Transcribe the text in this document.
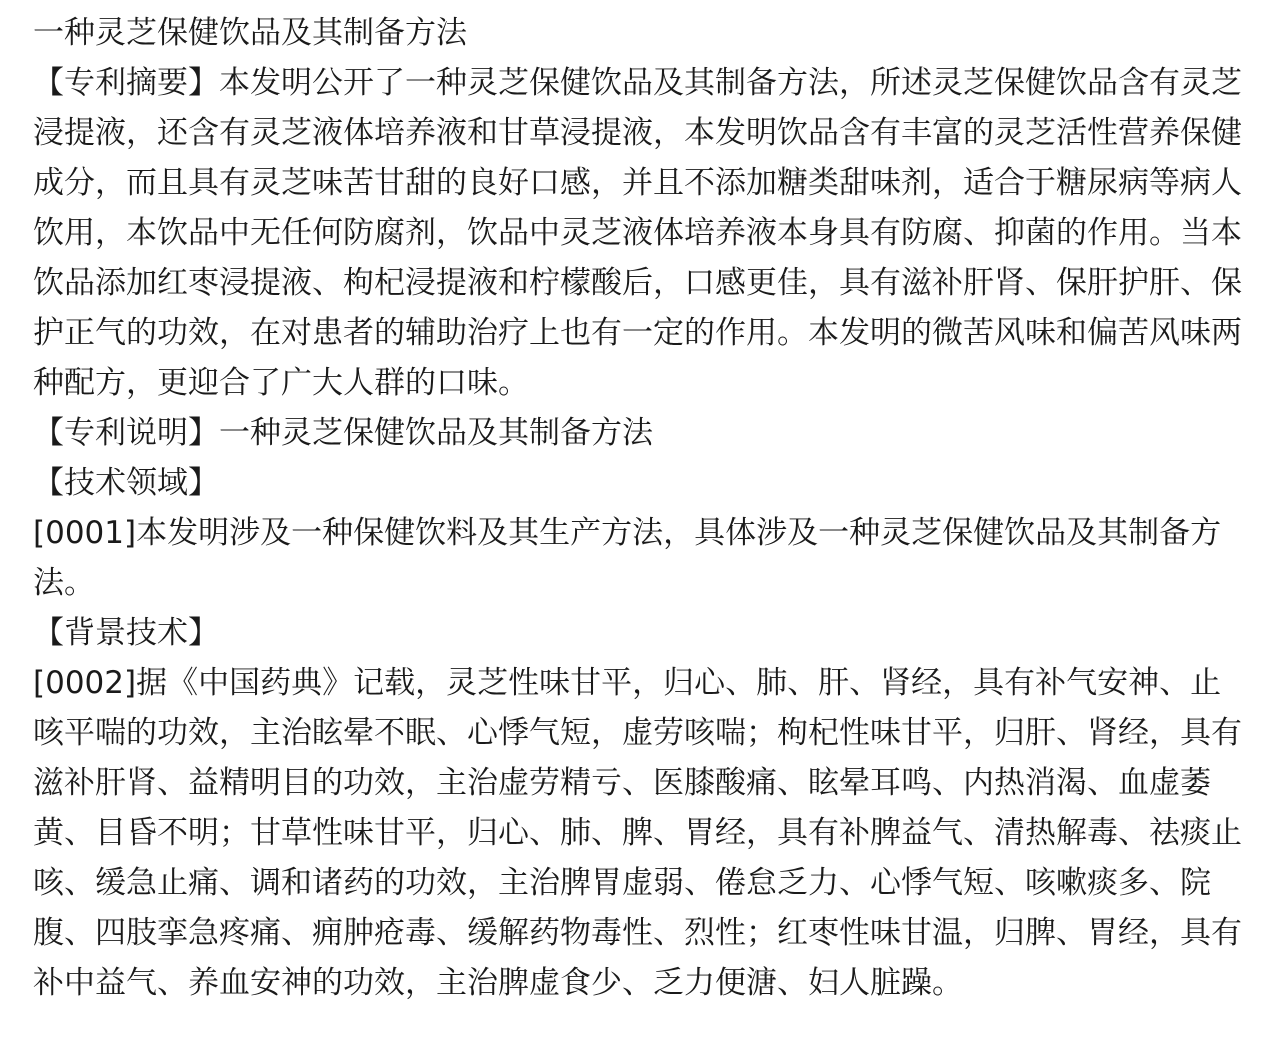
一种灵芝保健饮品及其制备方法

【专利摘要】本发明公开了一种灵芝保健饮品及其制备方法，所述灵芝保健饮品含有灵芝浸提液，还含有灵芝液体培养液和甘草浸提液，本发明饮品含有丰富的灵芝活性营养保健成分，而且具有灵芝味苦甘甜的良好口感，并且不添加糖类甜味剂，适合于糖尿病等病人饮用，本饮品中无任何防腐剂，饮品中灵芝液体培养液本身具有防腐、抑菌的作用。当本饮品添加红枣浸提液、枸杞浸提液和柠檬酸后，口感更佳，具有滋补肝肾、保肝护肝、保护正气的功效，在对患者的辅助治疗上也有一定的作用。本发明的微苦风味和偏苦风味两种配方，更迎合了广大人群的口味。

【专利说明】一种灵芝保健饮品及其制备方法

【技术领域】

[0001]本发明涉及一种保健饮料及其生产方法，具体涉及一种灵芝保健饮品及其制备方法。

【背景技术】

[0002]据《中国药典》记载，灵芝性味甘平，归心、肺、肝、肾经，具有补气安神、止咳平喘的功效，主治眩晕不眠、心悸气短，虚劳咳喘；枸杞性味甘平，归肝、肾经，具有滋补肝肾、益精明目的功效，主治虚劳精亏、医膝酸痛、眩晕耳鸣、内热消渴、血虚萎黄、目昏不明；甘草性味甘平，归心、肺、脾、胃经，具有补脾益气、清热解毒、祛痰止咳、缓急止痛、调和诸药的功效，主治脾胃虚弱、倦怠乏力、心悸气短、咳嗽痰多、院腹、四肢挛急疼痛、痈肿疮毒、缓解药物毒性、烈性；红枣性味甘温，归脾、胃经，具有补中益气、养血安神的功效，主治脾虚食少、乏力便溏、妇人脏躁。
